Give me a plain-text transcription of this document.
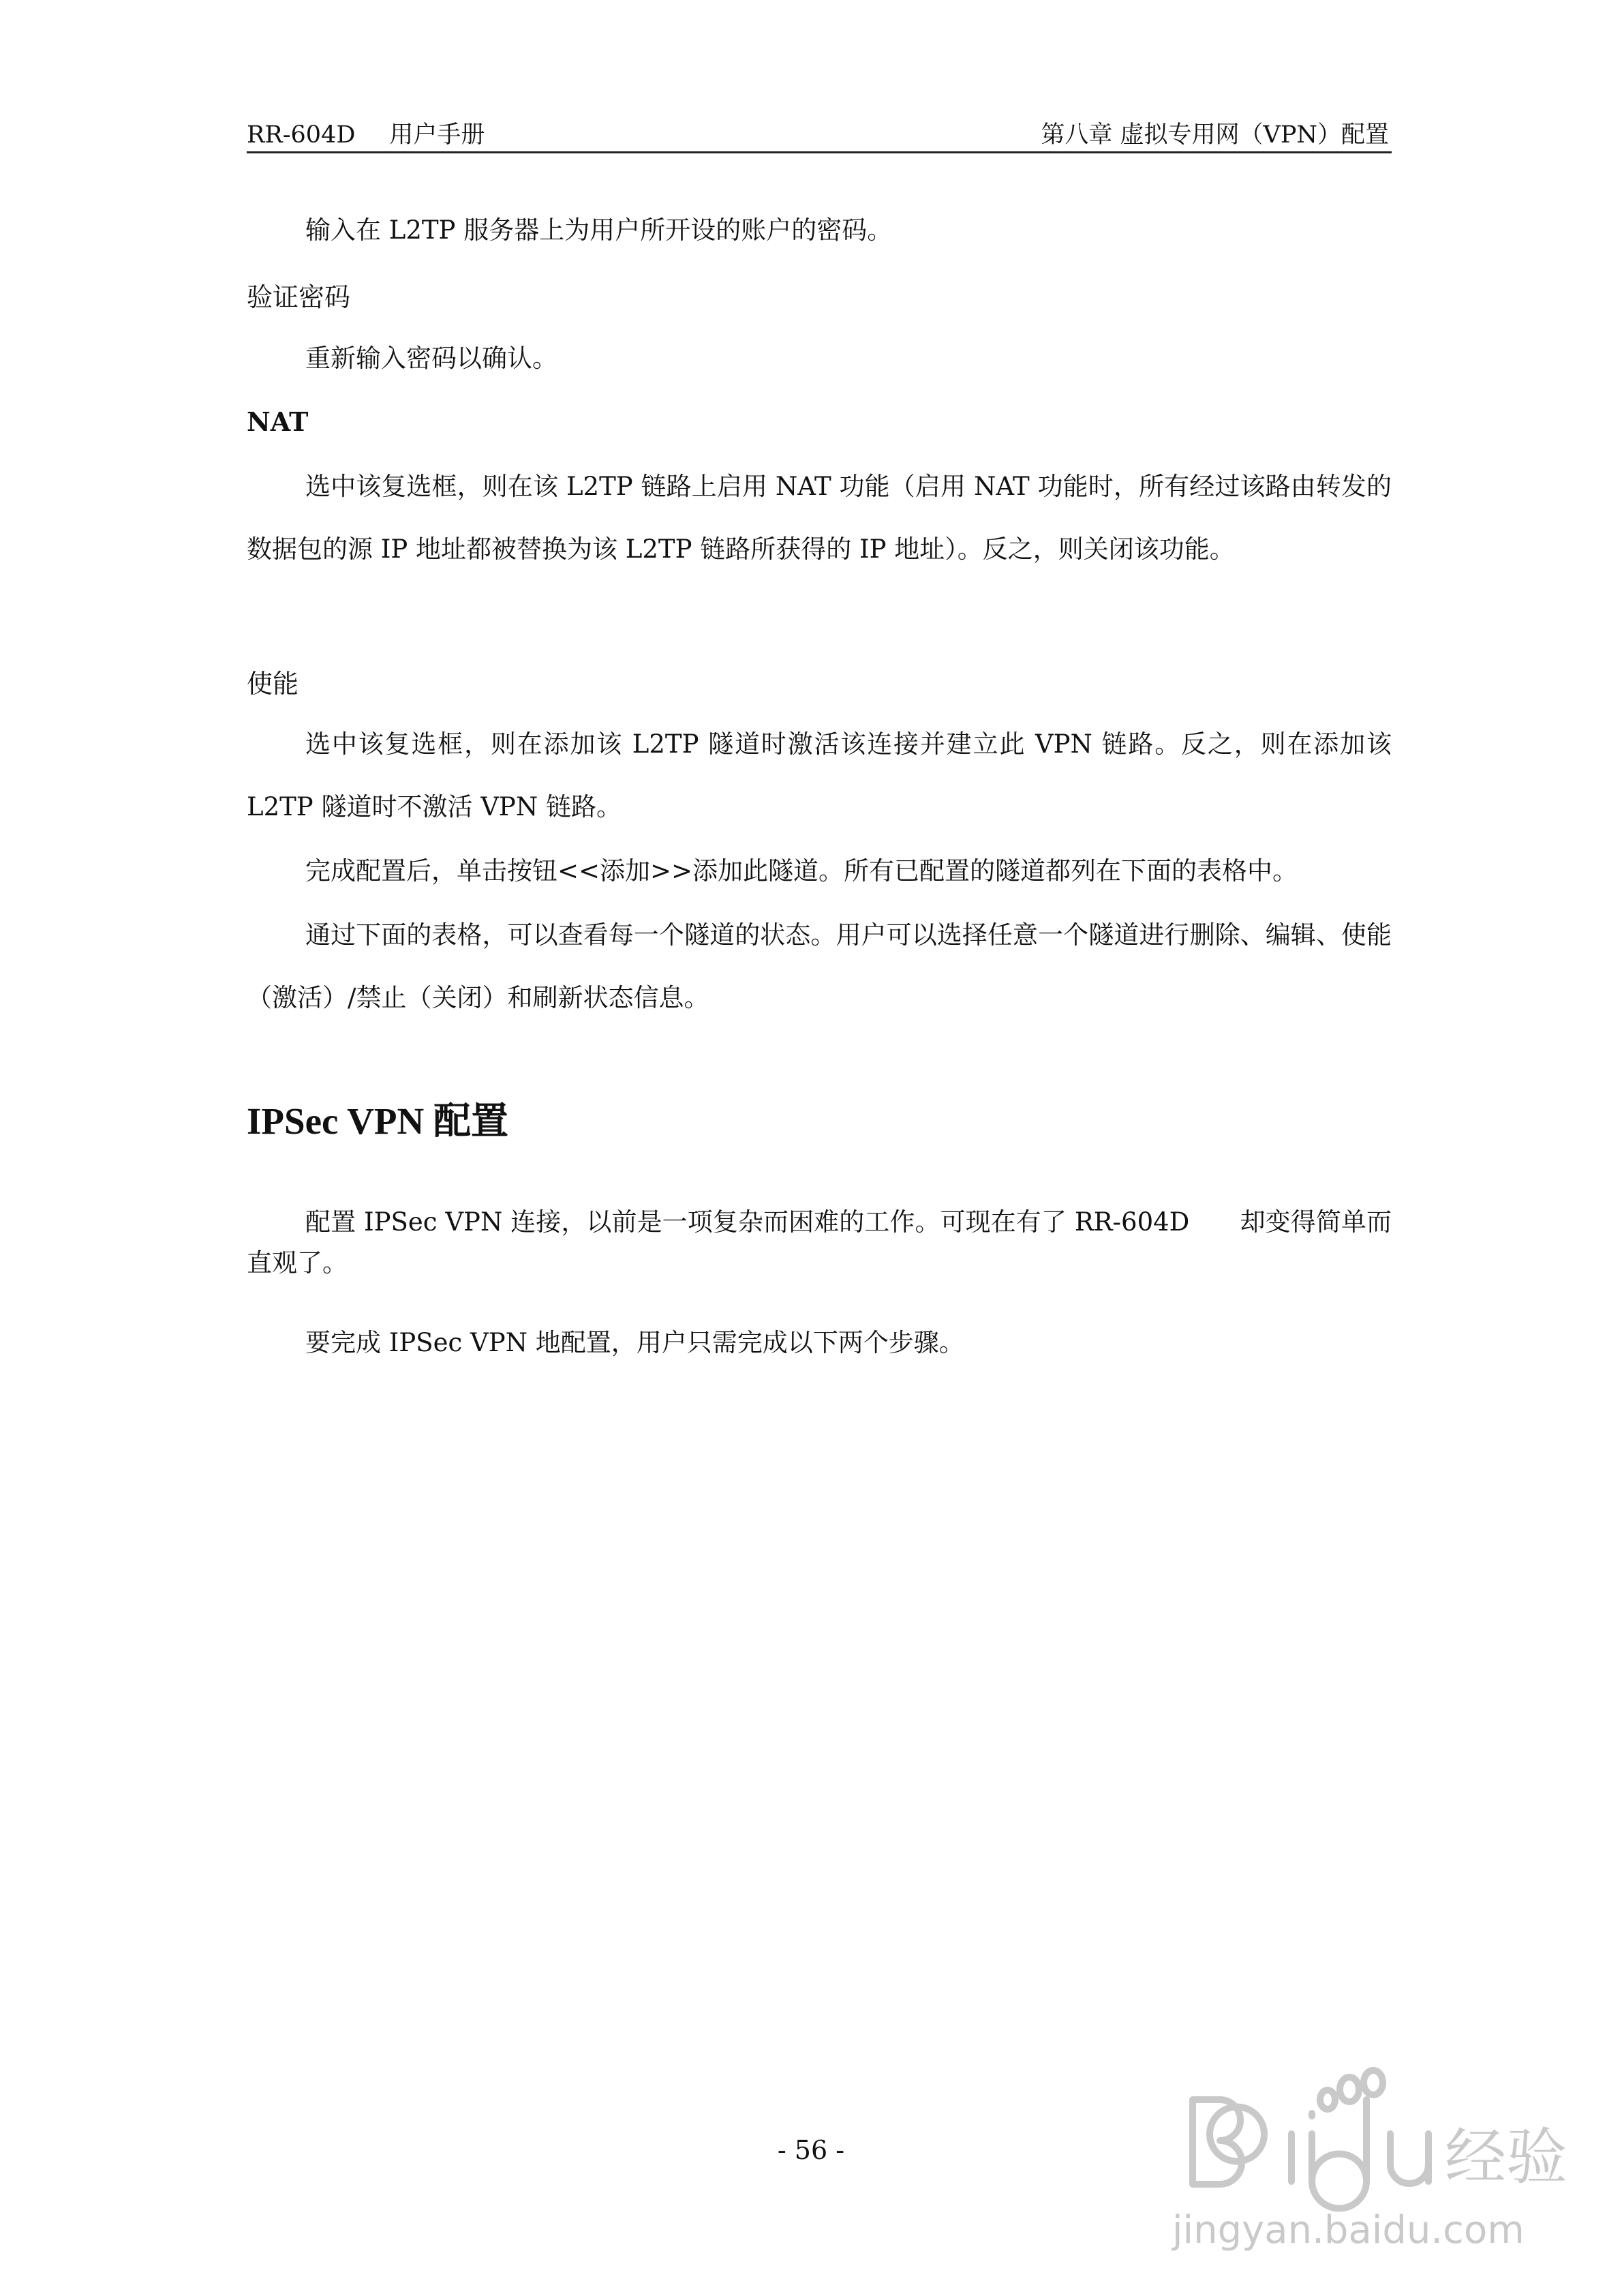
RR-604D 用户手册	第八章 虚拟专用网（VPN）配置
输入在 L2TP 服务器上为用户所开设的账户的密码。
验证密码
重新输入密码以确认。
NAT
选中该复选框，则在该 L2TP 链路上启用 NAT 功能（启用 NAT 功能时，所有经过该路由转发的数据包的源 IP 地址都被替换为该 L2TP 链路所获得的 IP 地址）。反之，则关闭该功能。
使能
选中该复选框，则在添加该 L2TP 隧道时激活该连接并建立此 VPN 链路。反之，则在添加该 L2TP 隧道时不激活 VPN 链路。
完成配置后，单击按钮<<添加>>添加此隧道。所有已配置的隧道都列在下面的表格中。
通过下面的表格，可以查看每一个隧道的状态。用户可以选择任意一个隧道进行删除、编辑、使能（激活）/禁止（关闭）和刷新状态信息。
IPSec VPN 配置
配置 IPSec VPN 连接，以前是一项复杂而困难的工作。可现在有了 RR-604D　　却变得简单而直观了。
要完成 IPSec VPN 地配置，用户只需完成以下两个步骤。
- 56 -	经验
jingyan.baidu.com
